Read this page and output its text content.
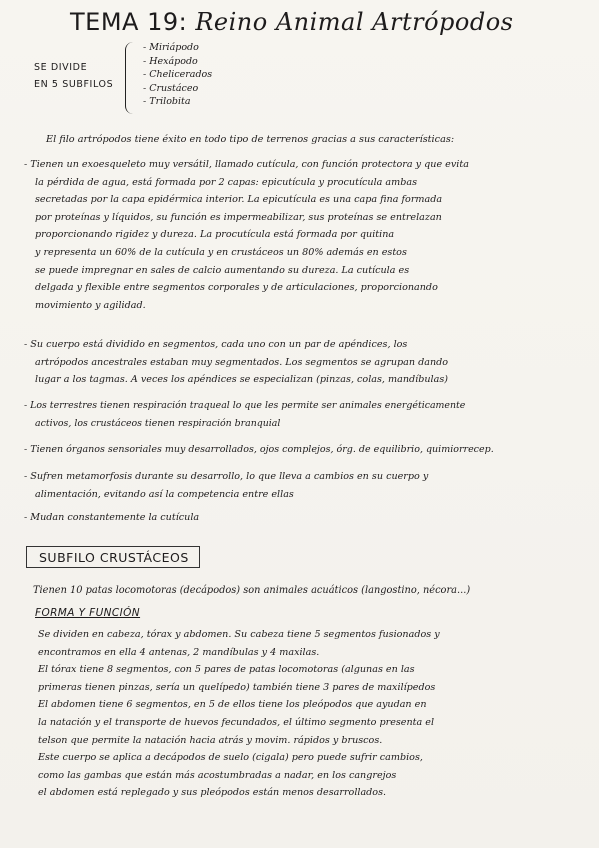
TEMA 19: Reino Animal Artrópodos
SE DIVIDE
EN 5 SUBFILOS
- Miriápodo
- Hexápodo
- Chelicerados
- Crustáceo
- Trilobita
El filo artrópodos tiene éxito en todo tipo de terrenos gracias a sus características:
- Tienen un exoesqueleto muy versátil, llamado cutícula, con función protectora y que evita
la pérdida de agua, está formada por 2 capas: epicutícula y procutícula ambas
secretadas por la capa epidérmica interior. La epicutícula es una capa fina formada
por proteínas y líquidos, su función es impermeabilizar, sus proteínas se entrelazan
proporcionando rigidez y dureza. La procutícula está formada por quitina
y representa un 60% de la cutícula y en crustáceos un 80% además en estos
se puede impregnar en sales de calcio aumentando su dureza. La cutícula es
delgada y flexible entre segmentos corporales y de articulaciones, proporcionando
movimiento y agilidad.
- Su cuerpo está dividido en segmentos, cada uno con un par de apéndices, los
artrópodos ancestrales estaban muy segmentados. Los segmentos se agrupan dando
lugar a los tagmas. A veces los apéndices se especializan (pinzas, colas, mandíbulas)
- Los terrestres tienen respiración traqueal lo que les permite ser animales energéticamente
activos, los crustáceos tienen respiración branquial
- Tienen órganos sensoriales muy desarrollados, ojos complejos, órg. de equilibrio, quimiorrecep.
- Sufren metamorfosis durante su desarrollo, lo que lleva a cambios en su cuerpo y
alimentación, evitando así la competencia entre ellas
- Mudan constantemente la cutícula
SUBFILO CRUSTÁCEOS
Tienen 10 patas locomotoras (decápodos) son animales acuáticos (langostino, nécora...)
FORMA Y FUNCIÓN
Se dividen en cabeza, tórax y abdomen. Su cabeza tiene 5 segmentos fusionados y
encontramos en ella 4 antenas, 2 mandíbulas y 4 maxilas.
El tórax tiene 8 segmentos, con 5 pares de patas locomotoras (algunas en las
primeras tienen pinzas, sería un quelípedo) también tiene 3 pares de maxilípedos
El abdomen tiene 6 segmentos, en 5 de ellos tiene los pleópodos que ayudan en
la natación y el transporte de huevos fecundados, el último segmento presenta el
telson que permite la natación hacia atrás y movim. rápidos y bruscos.
Este cuerpo se aplica a decápodos de suelo (cigala) pero puede sufrir cambios,
como las gambas que están más acostumbradas a nadar, en los cangrejos
el abdomen está replegado y sus pleópodos están menos desarrollados.
